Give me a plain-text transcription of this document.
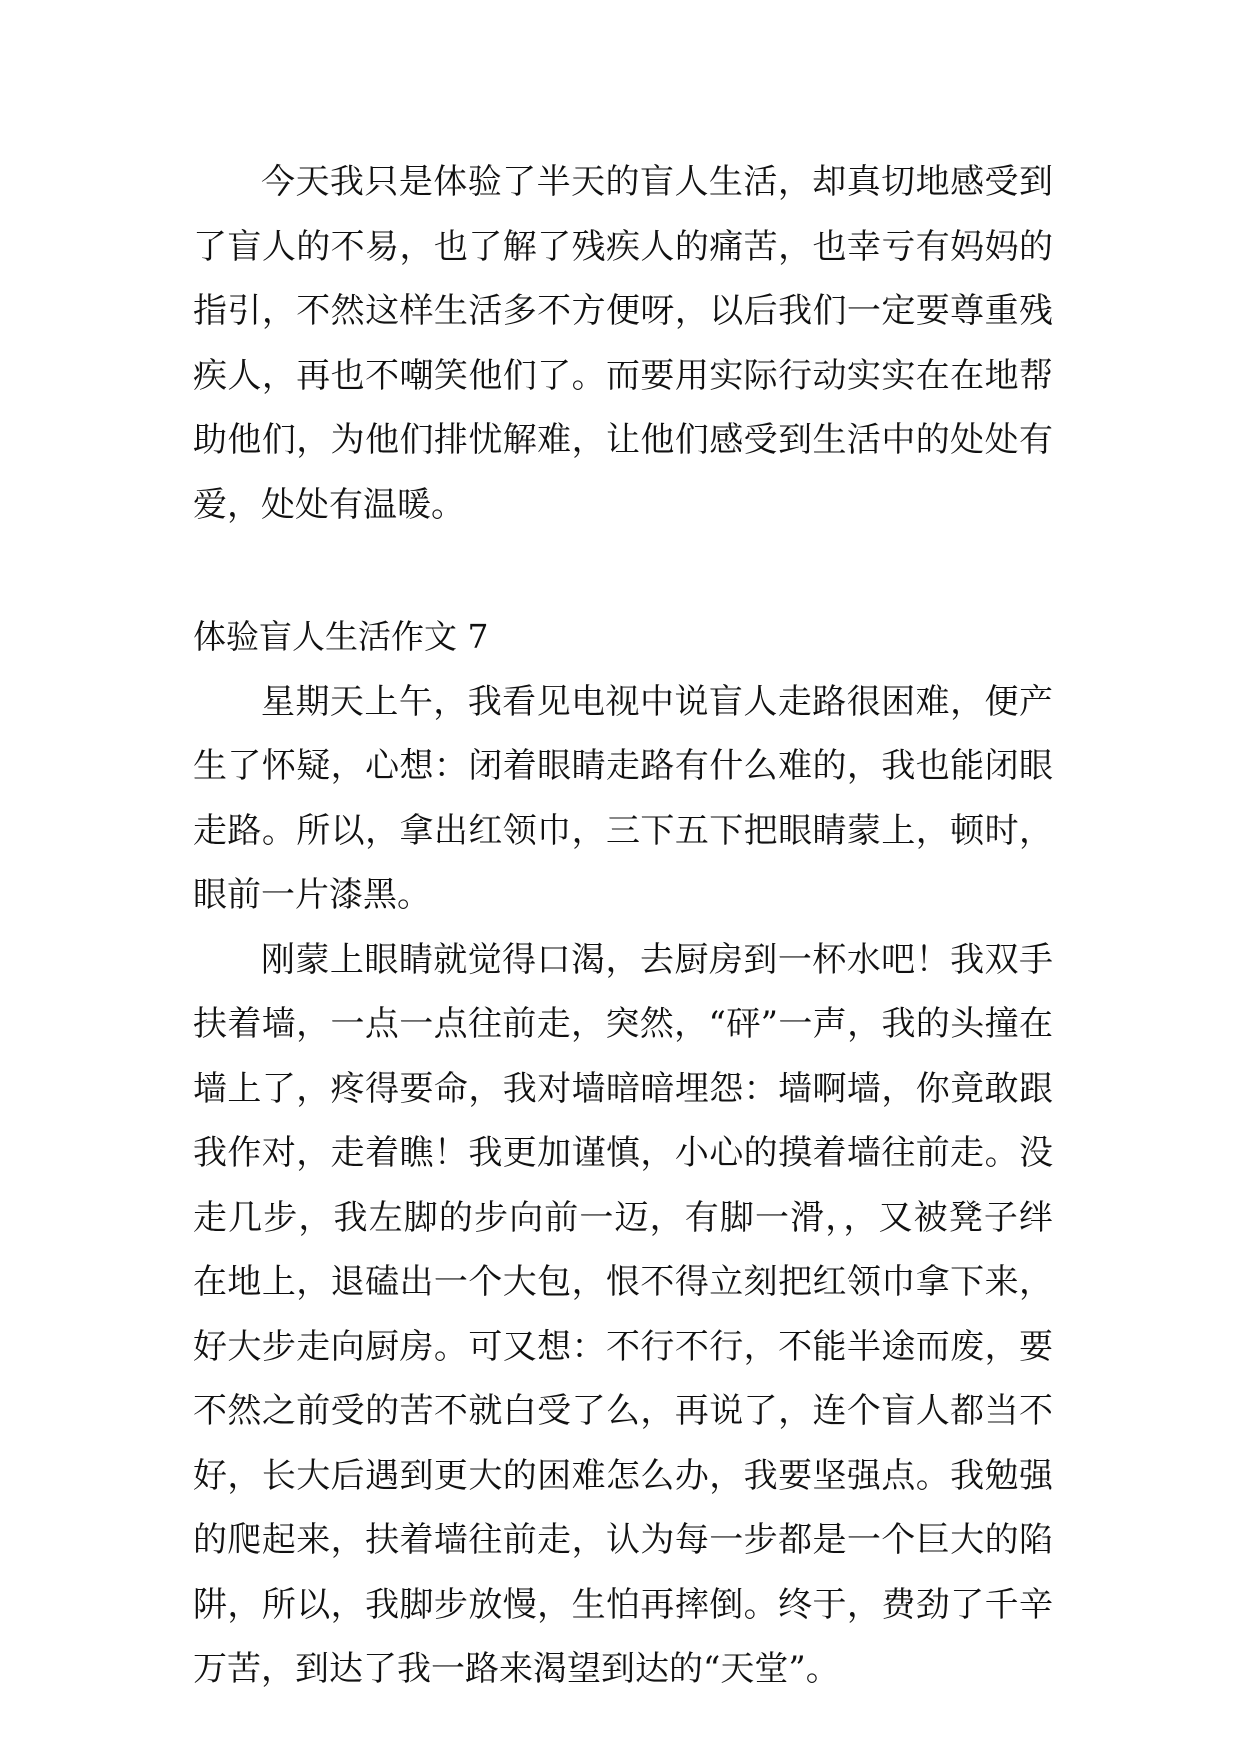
今天我只是体验了半天的盲人生活，却真切地感受到了盲人的不易，也了解了残疾人的痛苦，也幸亏有妈妈的指引，不然这样生活多不方便呀，以后我们一定要尊重残疾人，再也不嘲笑他们了。而要用实际行动实实在在地帮助他们，为他们排忧解难，让他们感受到生活中的处处有爱，处处有温暖。

体验盲人生活作文 7

星期天上午，我看见电视中说盲人走路很困难，便产生了怀疑，心想：闭着眼睛走路有什么难的，我也能闭眼走路。所以，拿出红领巾，三下五下把眼睛蒙上，顿时，眼前一片漆黑。

刚蒙上眼睛就觉得口渴，去厨房到一杯水吧！我双手扶着墙，一点一点往前走，突然，“砰”一声，我的头撞在墙上了，疼得要命，我对墙暗暗埋怨：墙啊墙，你竟敢跟我作对，走着瞧！我更加谨慎，小心的摸着墙往前走。没走几步，我左脚的步向前一迈，有脚一滑，，又被凳子绊在地上，退磕出一个大包，恨不得立刻把红领巾拿下来，好大步走向厨房。可又想：不行不行，不能半途而废，要不然之前受的苦不就白受了么，再说了，连个盲人都当不好，长大后遇到更大的困难怎么办，我要坚强点。我勉强的爬起来，扶着墙往前走，认为每一步都是一个巨大的陷阱，所以，我脚步放慢，生怕再摔倒。终于，费劲了千辛万苦，到达了我一路来渴望到达的“天堂”。
